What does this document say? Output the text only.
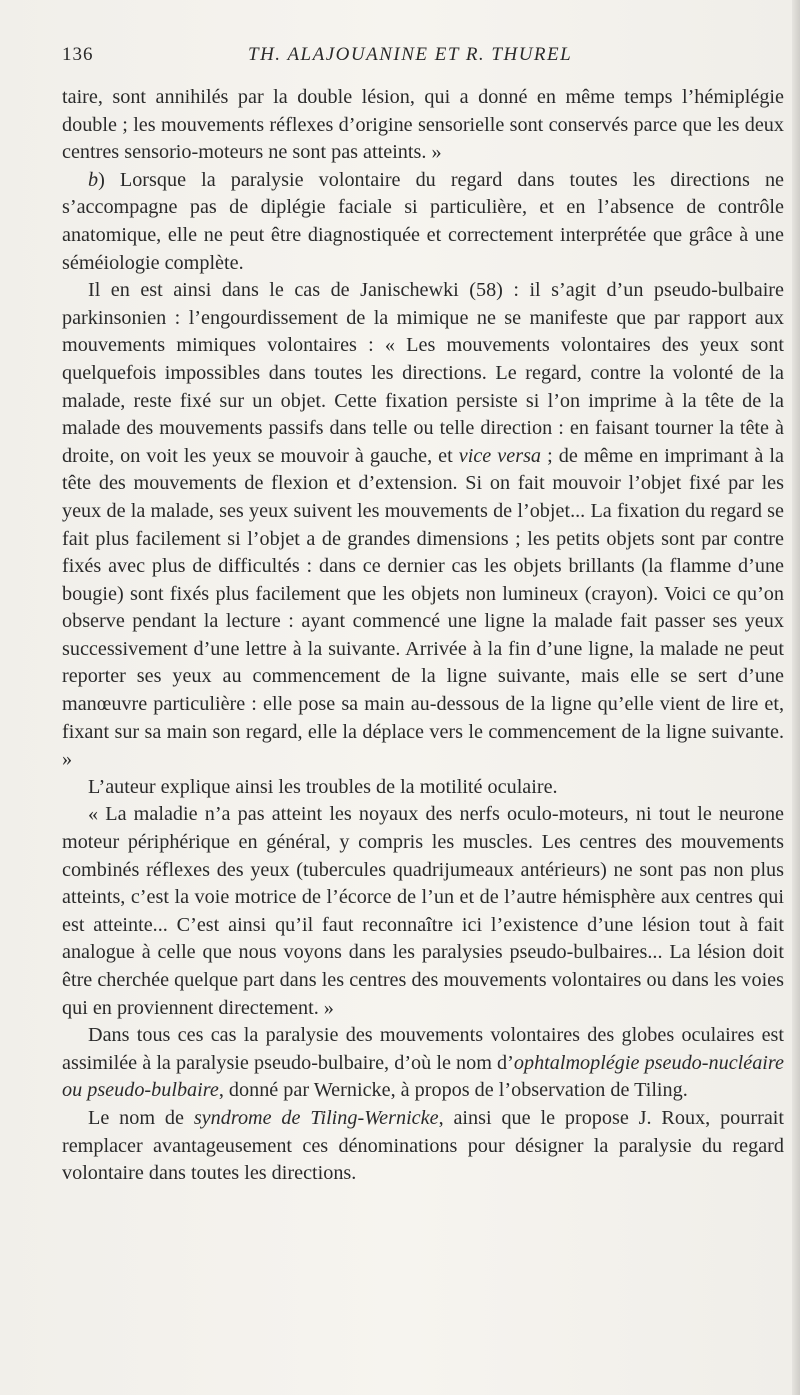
136	TH. ALAJOUANINE ET R. THUREL

taire, sont annihilés par la double lésion, qui a donné en même temps l’hémiplégie double ; les mouvements réflexes d’origine sensorielle sont conservés parce que les deux centres sensorio-moteurs ne sont pas atteints. »

b) Lorsque la paralysie volontaire du regard dans toutes les directions ne s’accompagne pas de diplégie faciale si particulière, et en l’absence de contrôle anatomique, elle ne peut être diagnostiquée et correctement interprétée que grâce à une séméiologie complète.

Il en est ainsi dans le cas de Janischewki (58) : il s’agit d’un pseudo-bulbaire parkinsonien : l’engourdissement de la mimique ne se manifeste que par rapport aux mouvements mimiques volontaires : « Les mouvements volontaires des yeux sont quelquefois impossibles dans toutes les directions. Le regard, contre la volonté de la malade, reste fixé sur un objet. Cette fixation persiste si l’on imprime à la tête de la malade des mouvements passifs dans telle ou telle direction : en faisant tourner la tête à droite, on voit les yeux se mouvoir à gauche, et vice versa ; de même en imprimant à la tête des mouvements de flexion et d’extension. Si on fait mouvoir l’objet fixé par les yeux de la malade, ses yeux suivent les mouvements de l’objet... La fixation du regard se fait plus facilement si l’objet a de grandes dimensions ; les petits objets sont par contre fixés avec plus de difficultés : dans ce dernier cas les objets brillants (la flamme d’une bougie) sont fixés plus facilement que les objets non lumineux (crayon). Voici ce qu’on observe pendant la lecture : ayant commencé une ligne la malade fait passer ses yeux successivement d’une lettre à la suivante. Arrivée à la fin d’une ligne, la malade ne peut reporter ses yeux au commencement de la ligne suivante, mais elle se sert d’une manœuvre particulière : elle pose sa main au-dessous de la ligne qu’elle vient de lire et, fixant sur sa main son regard, elle la déplace vers le commencement de la ligne suivante. »

L’auteur explique ainsi les troubles de la motilité oculaire.

« La maladie n’a pas atteint les noyaux des nerfs oculo-moteurs, ni tout le neurone moteur périphérique en général, y compris les muscles. Les centres des mouvements combinés réflexes des yeux (tubercules quadrijumeaux antérieurs) ne sont pas non plus atteints, c’est la voie motrice de l’écorce de l’un et de l’autre hémisphère aux centres qui est atteinte... C’est ainsi qu’il faut reconnaître ici l’existence d’une lésion tout à fait analogue à celle que nous voyons dans les paralysies pseudo-bulbaires... La lésion doit être cherchée quelque part dans les centres des mouvements volontaires ou dans les voies qui en proviennent directement. »

Dans tous ces cas la paralysie des mouvements volontaires des globes oculaires est assimilée à la paralysie pseudo-bulbaire, d’où le nom d’ophtalmoplégie pseudo-nucléaire ou pseudo-bulbaire, donné par Wernicke, à propos de l’observation de Tiling.

Le nom de syndrome de Tiling-Wernicke, ainsi que le propose J. Roux, pourrait remplacer avantageusement ces dénominations pour désigner la paralysie du regard volontaire dans toutes les directions.
